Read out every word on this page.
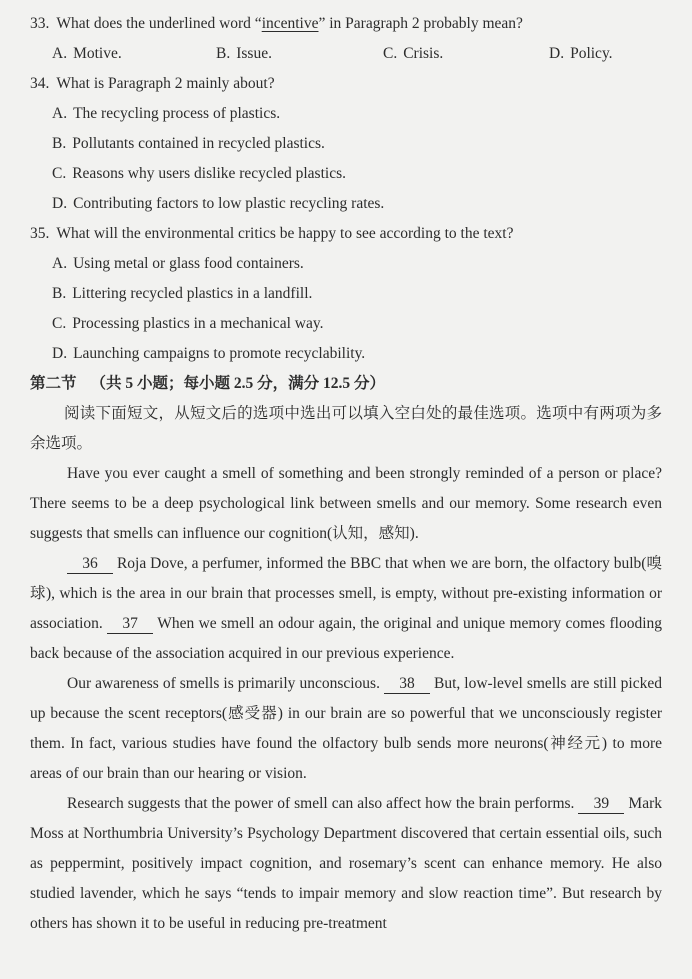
33. What does the underlined word “incentive” in Paragraph 2 probably mean?
A. Motive.	B. Issue.	C. Crisis.	D. Policy.
34. What is Paragraph 2 mainly about?
A. The recycling process of plastics.
B. Pollutants contained in recycled plastics.
C. Reasons why users dislike recycled plastics.
D. Contributing factors to low plastic recycling rates.
35. What will the environmental critics be happy to see according to the text?
A. Using metal or glass food containers.
B. Littering recycled plastics in a landfill.
C. Processing plastics in a mechanical way.
D. Launching campaigns to promote recyclability.
第二节 （共 5 小题；每小题 2.5 分，满分 12.5 分）

阅读下面短文，从短文后的选项中选出可以填入空白处的最佳选项。选项中有两项为多余选项。

Have you ever caught a smell of something and been strongly reminded of a person or place? There seems to be a deep psychological link between smells and our memory. Some research even suggests that smells can influence our cognition(认知，感知).

36 Roja Dove, a perfumer, informed the BBC that when we are born, the olfactory bulb(嗅球), which is the area in our brain that processes smell, is empty, without pre-existing information or association. 37 When we smell an odour again, the original and unique memory comes flooding back because of the association acquired in our previous experience.

Our awareness of smells is primarily unconscious. 38 But, low-level smells are still picked up because the scent receptors(感受器) in our brain are so powerful that we unconsciously register them. In fact, various studies have found the olfactory bulb sends more neurons(神经元) to more areas of our brain than our hearing or vision.

Research suggests that the power of smell can also affect how the brain performs. 39 Mark Moss at Northumbria University’s Psychology Department discovered that certain essential oils, such as peppermint, positively impact cognition, and rosemary’s scent can enhance memory. He also studied lavender, which he says “tends to impair memory and slow reaction time”. But research by others has shown it to be useful in reducing pre-treatment
